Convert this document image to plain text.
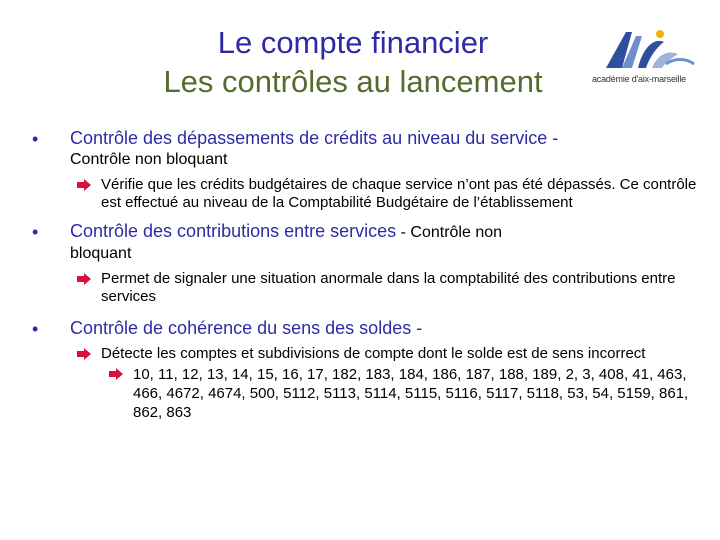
Le compte financier
Les contrôles au lancement	académie d'aix-marseille
• Contrôle des dépassements de crédits au niveau du service -
Contrôle non bloquant
Vérifie que les crédits budgétaires de chaque service n’ont pas été dépassés. Ce contrôle est effectué au niveau de la Comptabilité Budgétaire de l’établissement
• Contrôle des contributions entre services - Contrôle non
bloquant
Permet de signaler une situation anormale dans la comptabilité des contributions entre services
• Contrôle de cohérence du sens des soldes -
Détecte les comptes et subdivisions de compte dont le solde est de sens incorrect
10, 11, 12, 13, 14, 15, 16, 17, 182, 183, 184, 186, 187, 188, 189, 2, 3, 408, 41, 463, 466, 4672, 4674, 500, 5112, 5113, 5114, 5115, 5116, 5117, 5118, 53, 54, 5159, 861, 862, 863
